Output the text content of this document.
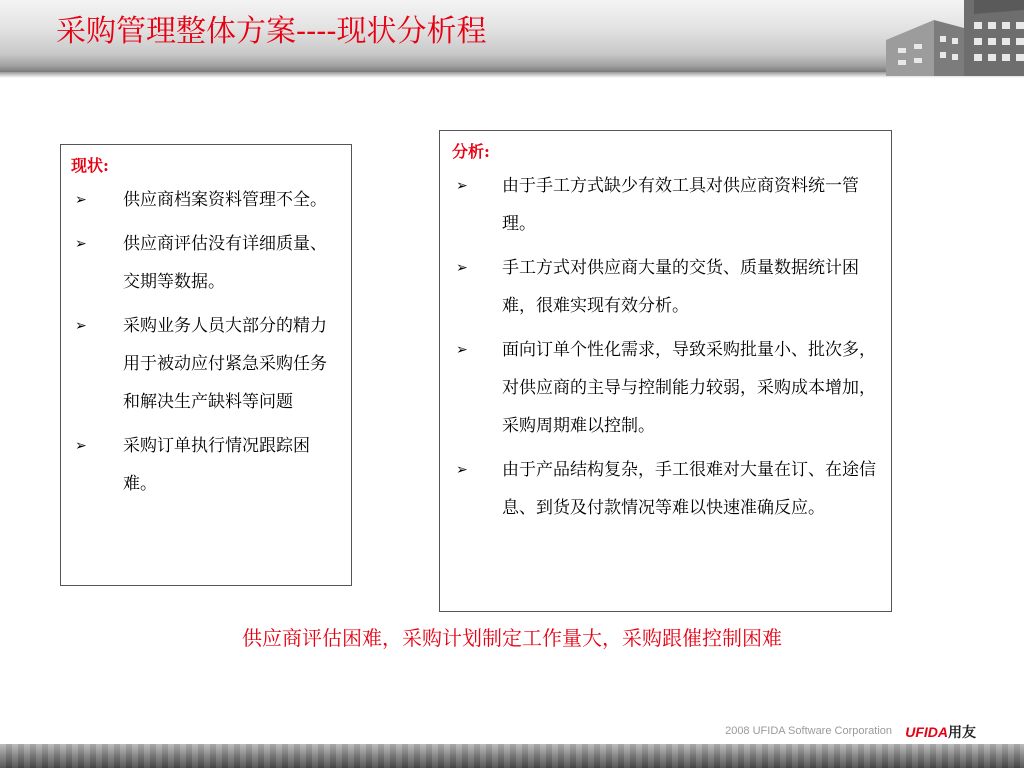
采购管理整体方案----现状分析程
现状:
➢ 供应商档案资料管理不全。
➢ 供应商评估没有详细质量、交期等数据。
➢ 采购业务人员大部分的精力用于被动应付紧急采购任务和解决生产缺料等问题
➢ 采购订单执行情况跟踪困难。
分析:
➢ 由于手工方式缺少有效工具对供应商资料统一管理。
➢ 手工方式对供应商大量的交货、质量数据统计困难，很难实现有效分析。
➢ 面向订单个性化需求，导致采购批量小、批次多，对供应商的主导与控制能力较弱，采购成本增加，采购周期难以控制。
➢ 由于产品结构复杂，手工很难对大量在订、在途信息、到货及付款情况等难以快速准确反应。

供应商评估困难，采购计划制定工作量大，采购跟催控制困难

2008 UFIDA Software Corporation UFIDA用友
